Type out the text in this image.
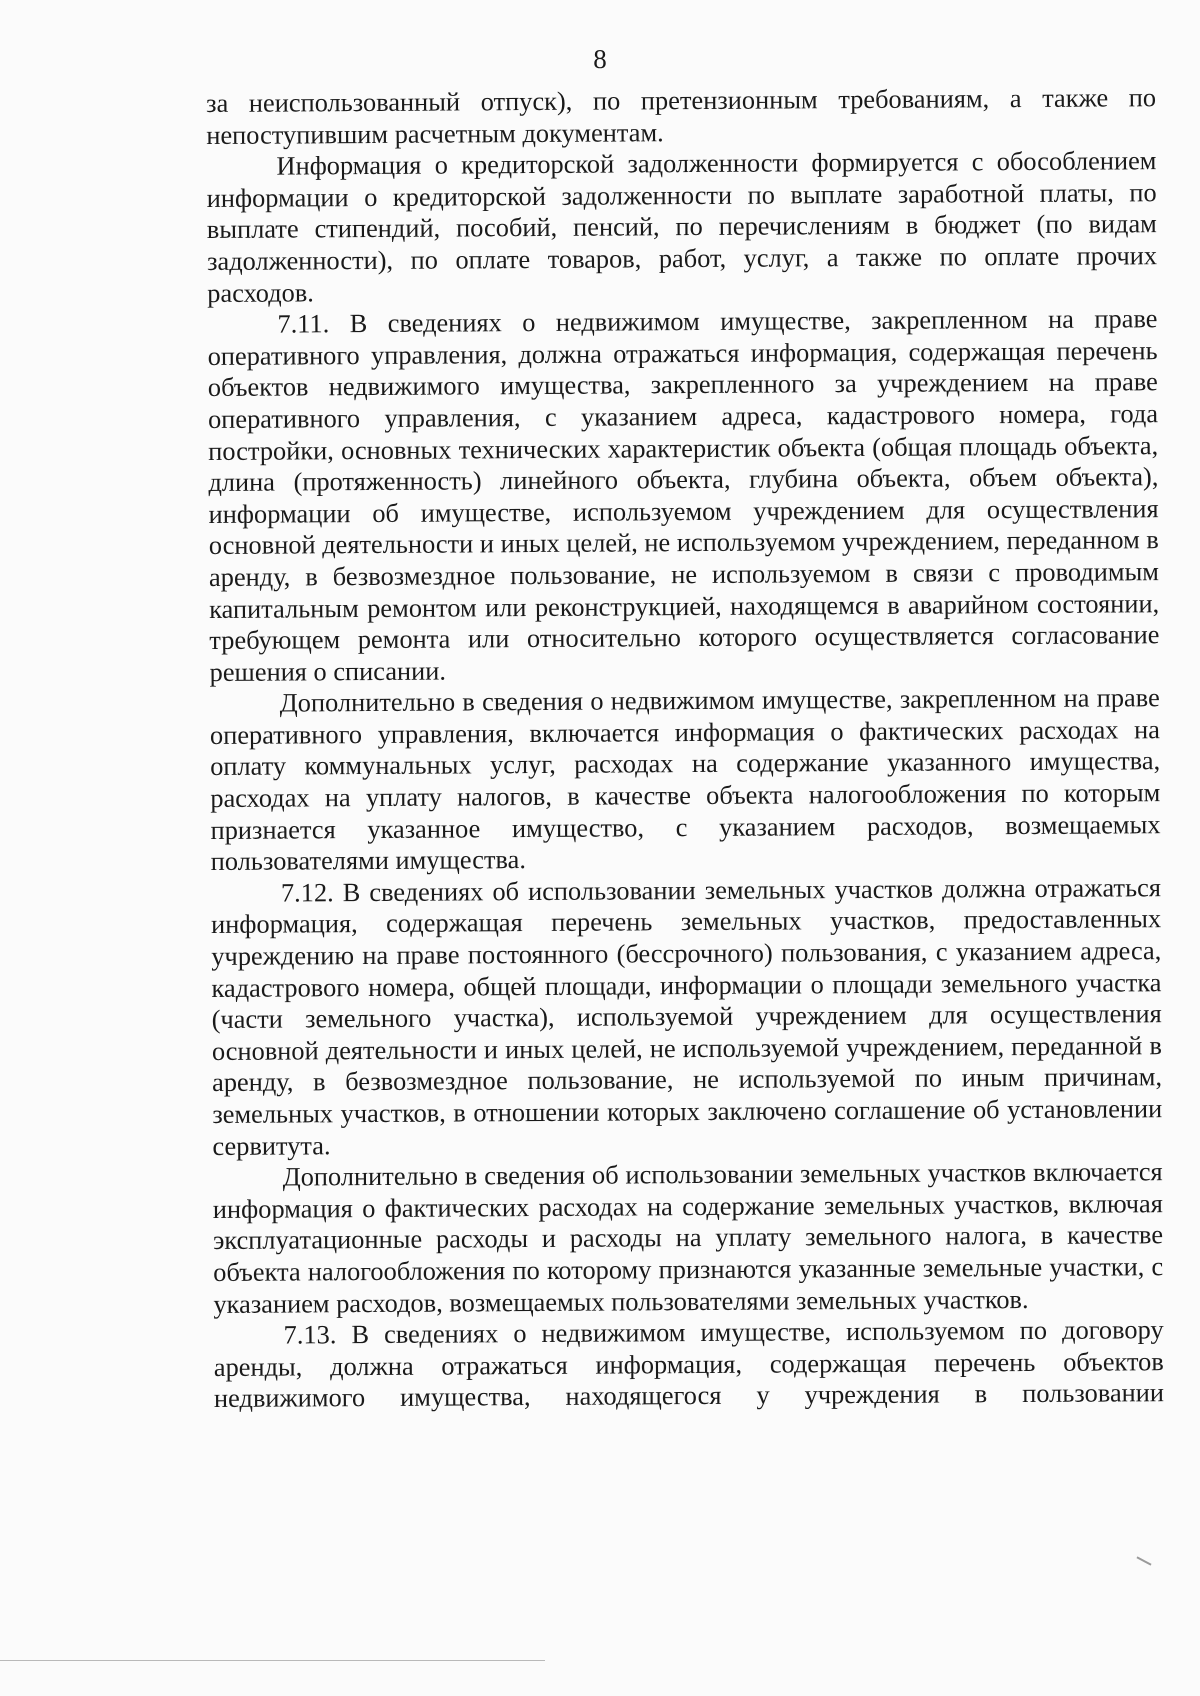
8

за неиспользованный отпуск), по претензионным требованиям, а также по непоступившим расчетным документам.

Информация о кредиторской задолженности формируется с обособлением информации о кредиторской задолженности по выплате заработной платы, по выплате стипендий, пособий, пенсий, по перечислениям в бюджет (по видам задолженности), по оплате товаров, работ, услуг, а также по оплате прочих расходов.

7.11. В сведениях о недвижимом имуществе, закрепленном на праве оперативного управления, должна отражаться информация, содержащая перечень объектов недвижимого имущества, закрепленного за учреждением на праве оперативного управления, с указанием адреса, кадастрового номера, года постройки, основных технических характеристик объекта (общая площадь объекта, длина (протяженность) линейного объекта, глубина объекта, объем объекта), информации об имуществе, используемом учреждением для осуществления основной деятельности и иных целей, не используемом учреждением, переданном в аренду, в безвозмездное пользование, не используемом в связи с проводимым капитальным ремонтом или реконструкцией, находящемся в аварийном состоянии, требующем ремонта или относительно которого осуществляется согласование решения о списании.

Дополнительно в сведения о недвижимом имуществе, закрепленном на праве оперативного управления, включается информация о фактических расходах на оплату коммунальных услуг, расходах на содержание указанного имущества, расходах на уплату налогов, в качестве объекта налогообложения по которым признается указанное имущество, с указанием расходов, возмещаемых пользователями имущества.

7.12. В сведениях об использовании земельных участков должна отражаться информация, содержащая перечень земельных участков, предоставленных учреждению на праве постоянного (бессрочного) пользования, с указанием адреса, кадастрового номера, общей площади, информации о площади земельного участка (части земельного участка), используемой учреждением для осуществления основной деятельности и иных целей, не используемой учреждением, переданной в аренду, в безвозмездное пользование, не используемой по иным причинам, земельных участков, в отношении которых заключено соглашение об установлении сервитута.

Дополнительно в сведения об использовании земельных участков включается информация о фактических расходах на содержание земельных участков, включая эксплуатационные расходы и расходы на уплату земельного налога, в качестве объекта налогообложения по которому признаются указанные земельные участки, с указанием расходов, возмещаемых пользователями земельных участков.

7.13. В сведениях о недвижимом имуществе, используемом по договору аренды, должна отражаться информация, содержащая перечень объектов недвижимого имущества, находящегося у учреждения в пользовании
